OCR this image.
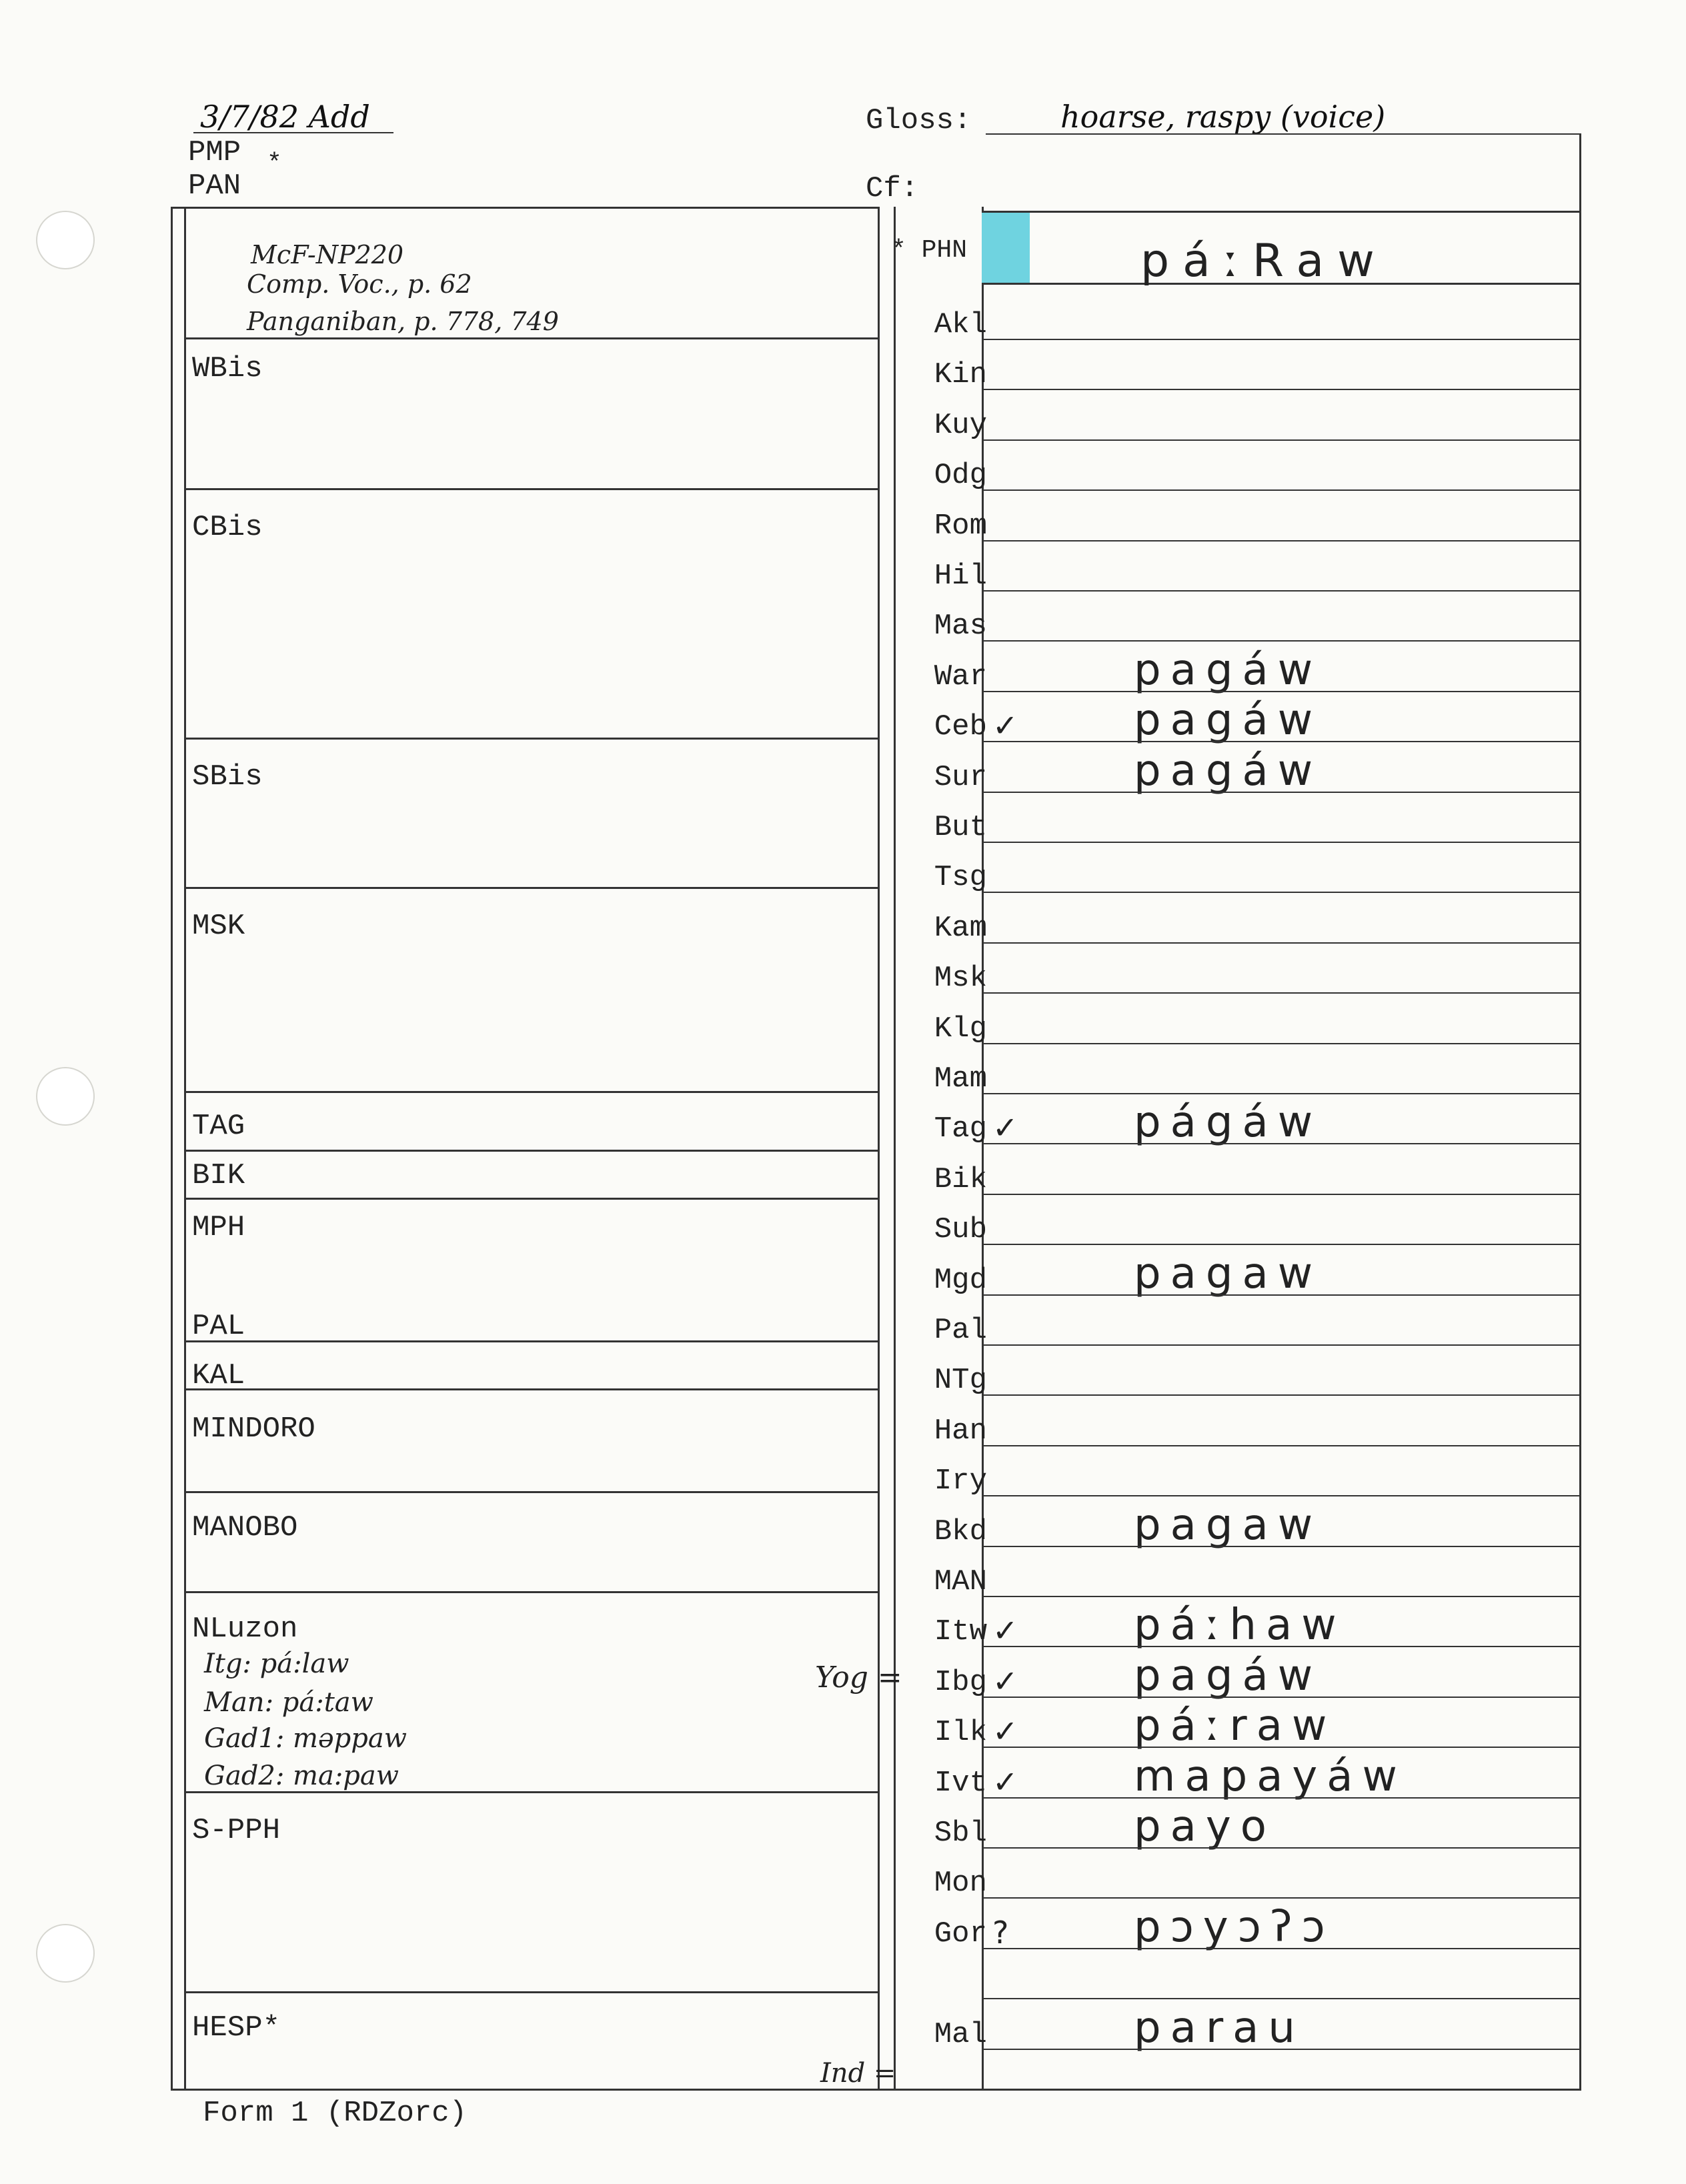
3/7/82 Add
PMP *
PAN
Gloss:	hoarse, raspy (voice)
Cf:
* PHN	páːRaw
McF-NP220
Comp. Voc., p. 62
Panganiban, p. 778, 749
WBis
CBis
SBis
MSK
TAG
BIK
MPH
PAL
KAL
MINDORO
MANOBO
NLuzon
S-PPH
HESP*
Itg: pá:law
Man: pá:taw
Gad1: məppaw
Gad2: ma:paw
Yog =
Ind =
Akl
Kin
Kuy
Odg
Rom
Hil
Mas
War	pagáw
Ceb ✓	pagáw
Sur	pagáw
But
Tsg
Kam
Msk
Klg
Mam
Tag ✓	págáw
Bik
Sub
Mgd	pagaw
Pal
NTg
Han
Iry
Bkd	pagaw
MAN
Itw ✓	páːhaw
Ibg ✓	pagáw
Ilk ✓	páːraw
Ivt ✓	mapayáw
Sbl	payo
Mon
Gor ?	pɔyɔʔɔ
Mal	parau
Form 1 (RDZorc)
